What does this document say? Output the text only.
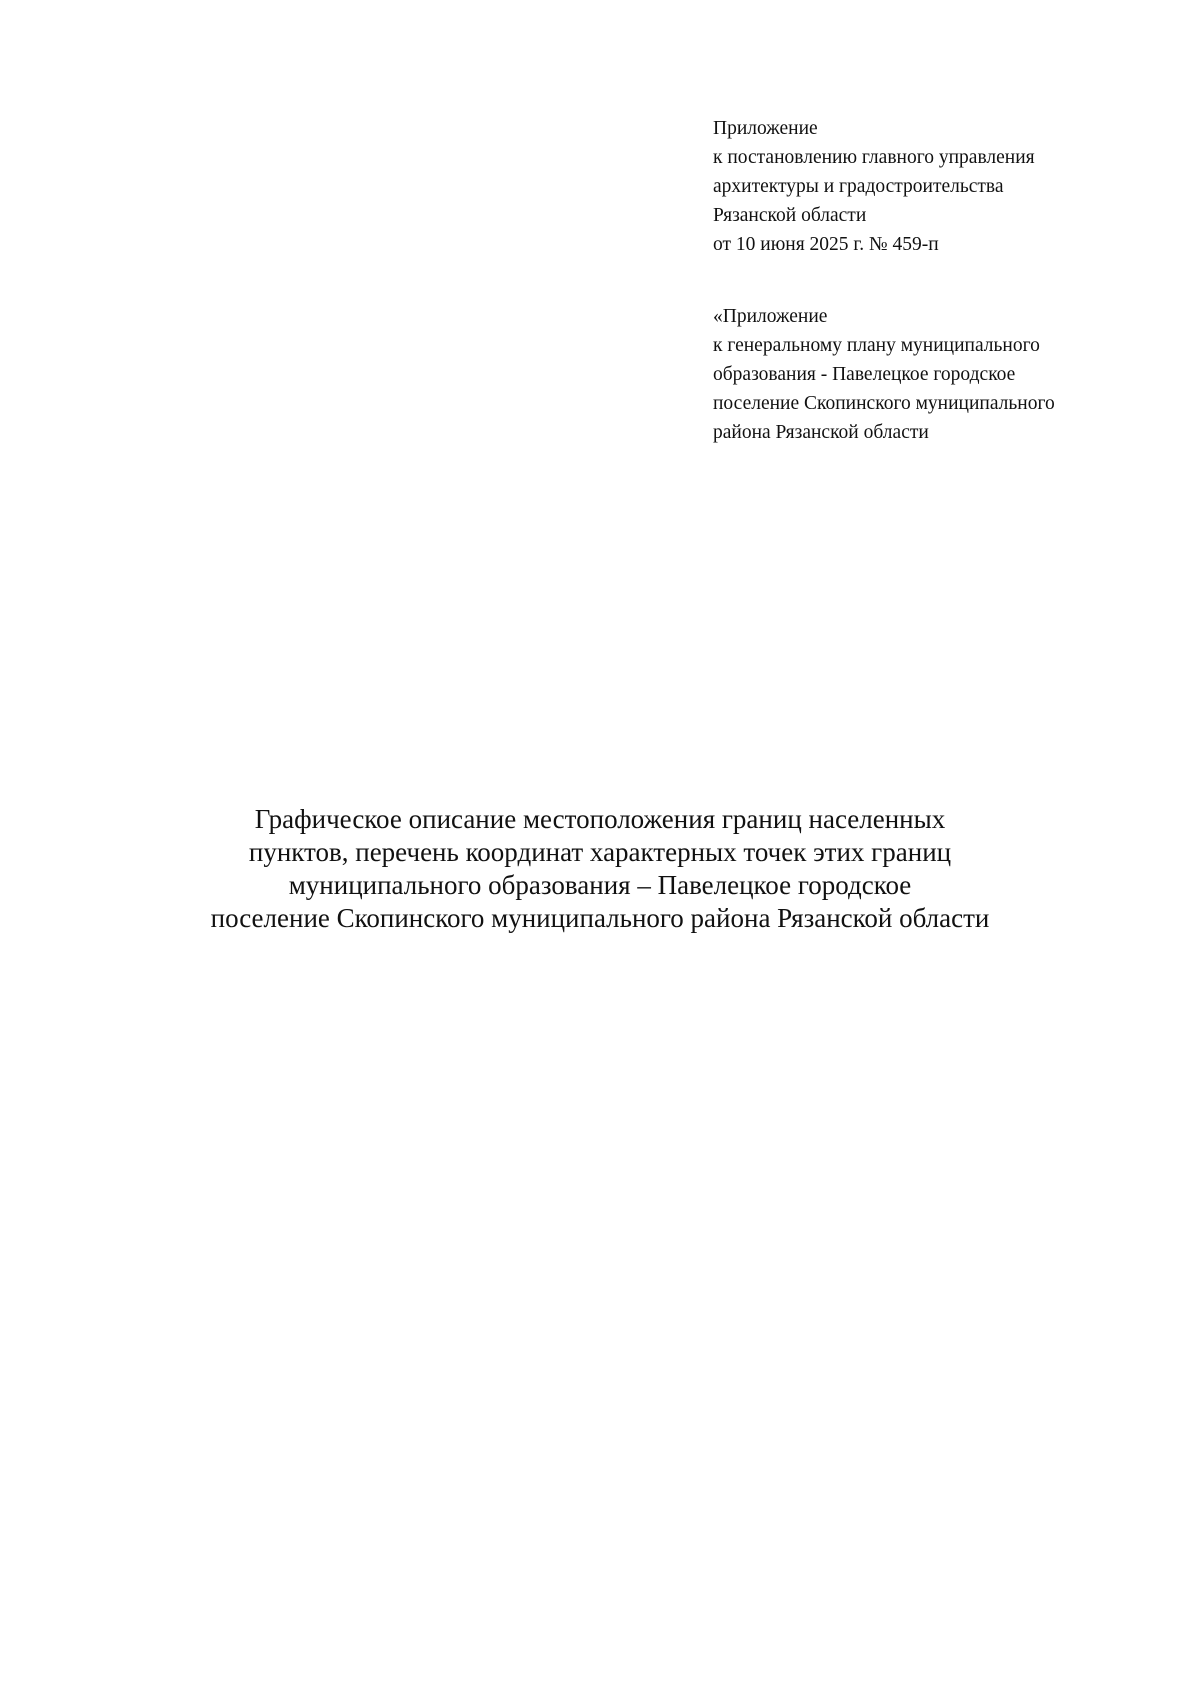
Приложение
к постановлению главного управления
архитектуры и градостроительства
Рязанской области
от 10 июня 2025 г. № 459-п
«Приложение
к генеральному плану муниципального
образования - Павелецкое городское
поселение Скопинского муниципального
района Рязанской области
Графическое описание местоположения границ населенных
пунктов, перечень координат характерных точек этих границ
муниципального образования – Павелецкое городское
поселение Скопинского муниципального района Рязанской области
